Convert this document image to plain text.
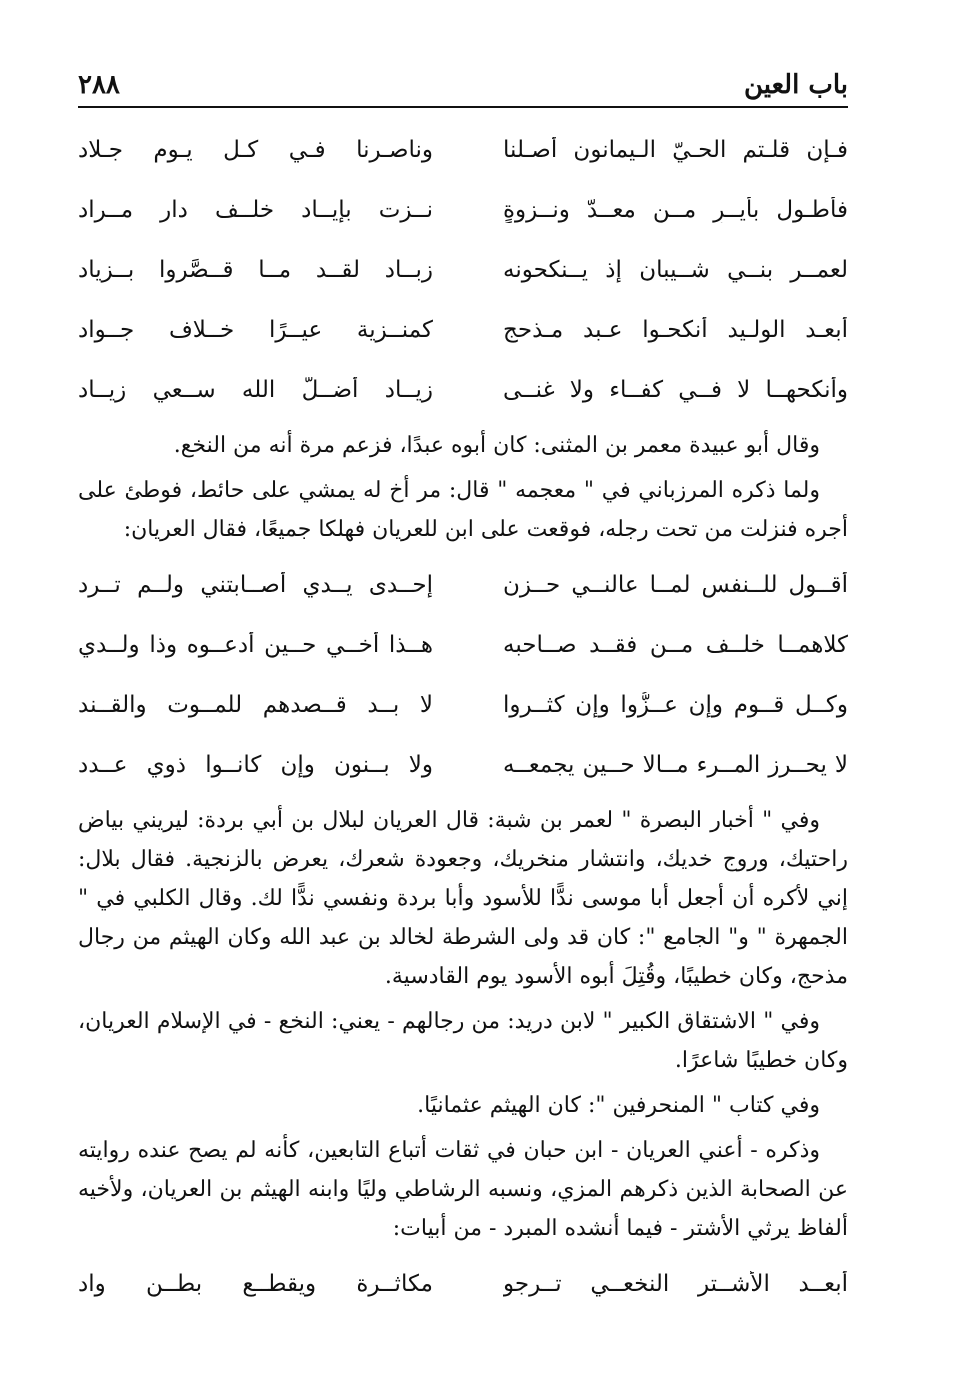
باب العين
٢٨٨
فـإن قلـتم الحـيّ الـيمانون أصـلنا
وناصـرنا فـي كـل يـوم جـلاد
فأطـول بأيــرٍ مــن معــدّ ونــزوةٍ
نــزت بإيــاد خلــف دار مــراد
لعمــر بنــي شــيبان إذ يــنكحونه
زبــاد لقــد مــا قــصَّروا بــزياد
أبعـد الولـيد أنكحـوا عـبد مـذحج
كمنــزية عيــرًا خــلاف جــواد
وأنكحهــا لا فــي كفــاء ولا غنــى
زيــاد أضــلَّ الله ســعي زيــاد

وقال أبو عبيدة معمر بن المثنى: كان أبوه عبدًا، فزعم مرة أنه من النخع.

ولما ذكره المرزباني في " معجمه " قال: مر أخ له يمشي على حائط، فوطئ على أجره فنزلت من تحت رجله، فوقعت على ابن للعريان فهلكا جميعًا، فقال العريان:

أقــول للــنفس لمــا عالنــي حــزن
إحــدى يــدي أصــابتني ولــم تــرد
كلاهمــا خلــف مــن فقــد صــاحبه
هــذا أخــي حــين أدعــوه وذا ولــدي
وكــل قــوم وإن عــزُّوا وإن كثــروا
لا بــد قــصدهم للمــوت والقــند
لا يحــرز المــرء مــالا حــين يجمعــه
ولا بــنون وإن كانــوا ذوي عــدد

وفي " أخبار البصرة " لعمر بن شبة: قال العريان لبلال بن أبي بردة: ليريني بياض راحتيك، وروج خديك، وانتشار منخريك، وجعودة شعرك، يعرض بالزنجية. فقال بلال: إني لأكره أن أجعل أبا موسى ندًّا للأسود وأبا بردة ونفسي ندًّا لك. وقال الكلبي في " الجمهرة " و" الجامع ": كان قد ولى الشرطة لخالد بن عبد الله وكان الهيثم من رجال مذحج، وكان خطيبًا، وقُتِلَ أبوه الأسود يوم القادسية.

وفي " الاشتقاق الكبير " لابن دريد: من رجالهم - يعني: النخع - في الإسلام العريان، وكان خطيبًا شاعرًا.

وفي كتاب " المنحرفين ": كان الهيثم عثمانيًا.

وذكره - أعني العريان - ابن حبان في ثقات أتباع التابعين، كأنه لم يصح عنده روايته عن الصحابة الذين ذكرهم المزي، ونسبه الرشاطي وليًا وابنه الهيثم بن العريان، ولأخيه ألفاظ يرثي الأشتر - فيما أنشده المبرد - من أبيات:

أبعــد الأشــتر النخعــي تــرجو
مكاثــرة ويقطــع بطــن واد
